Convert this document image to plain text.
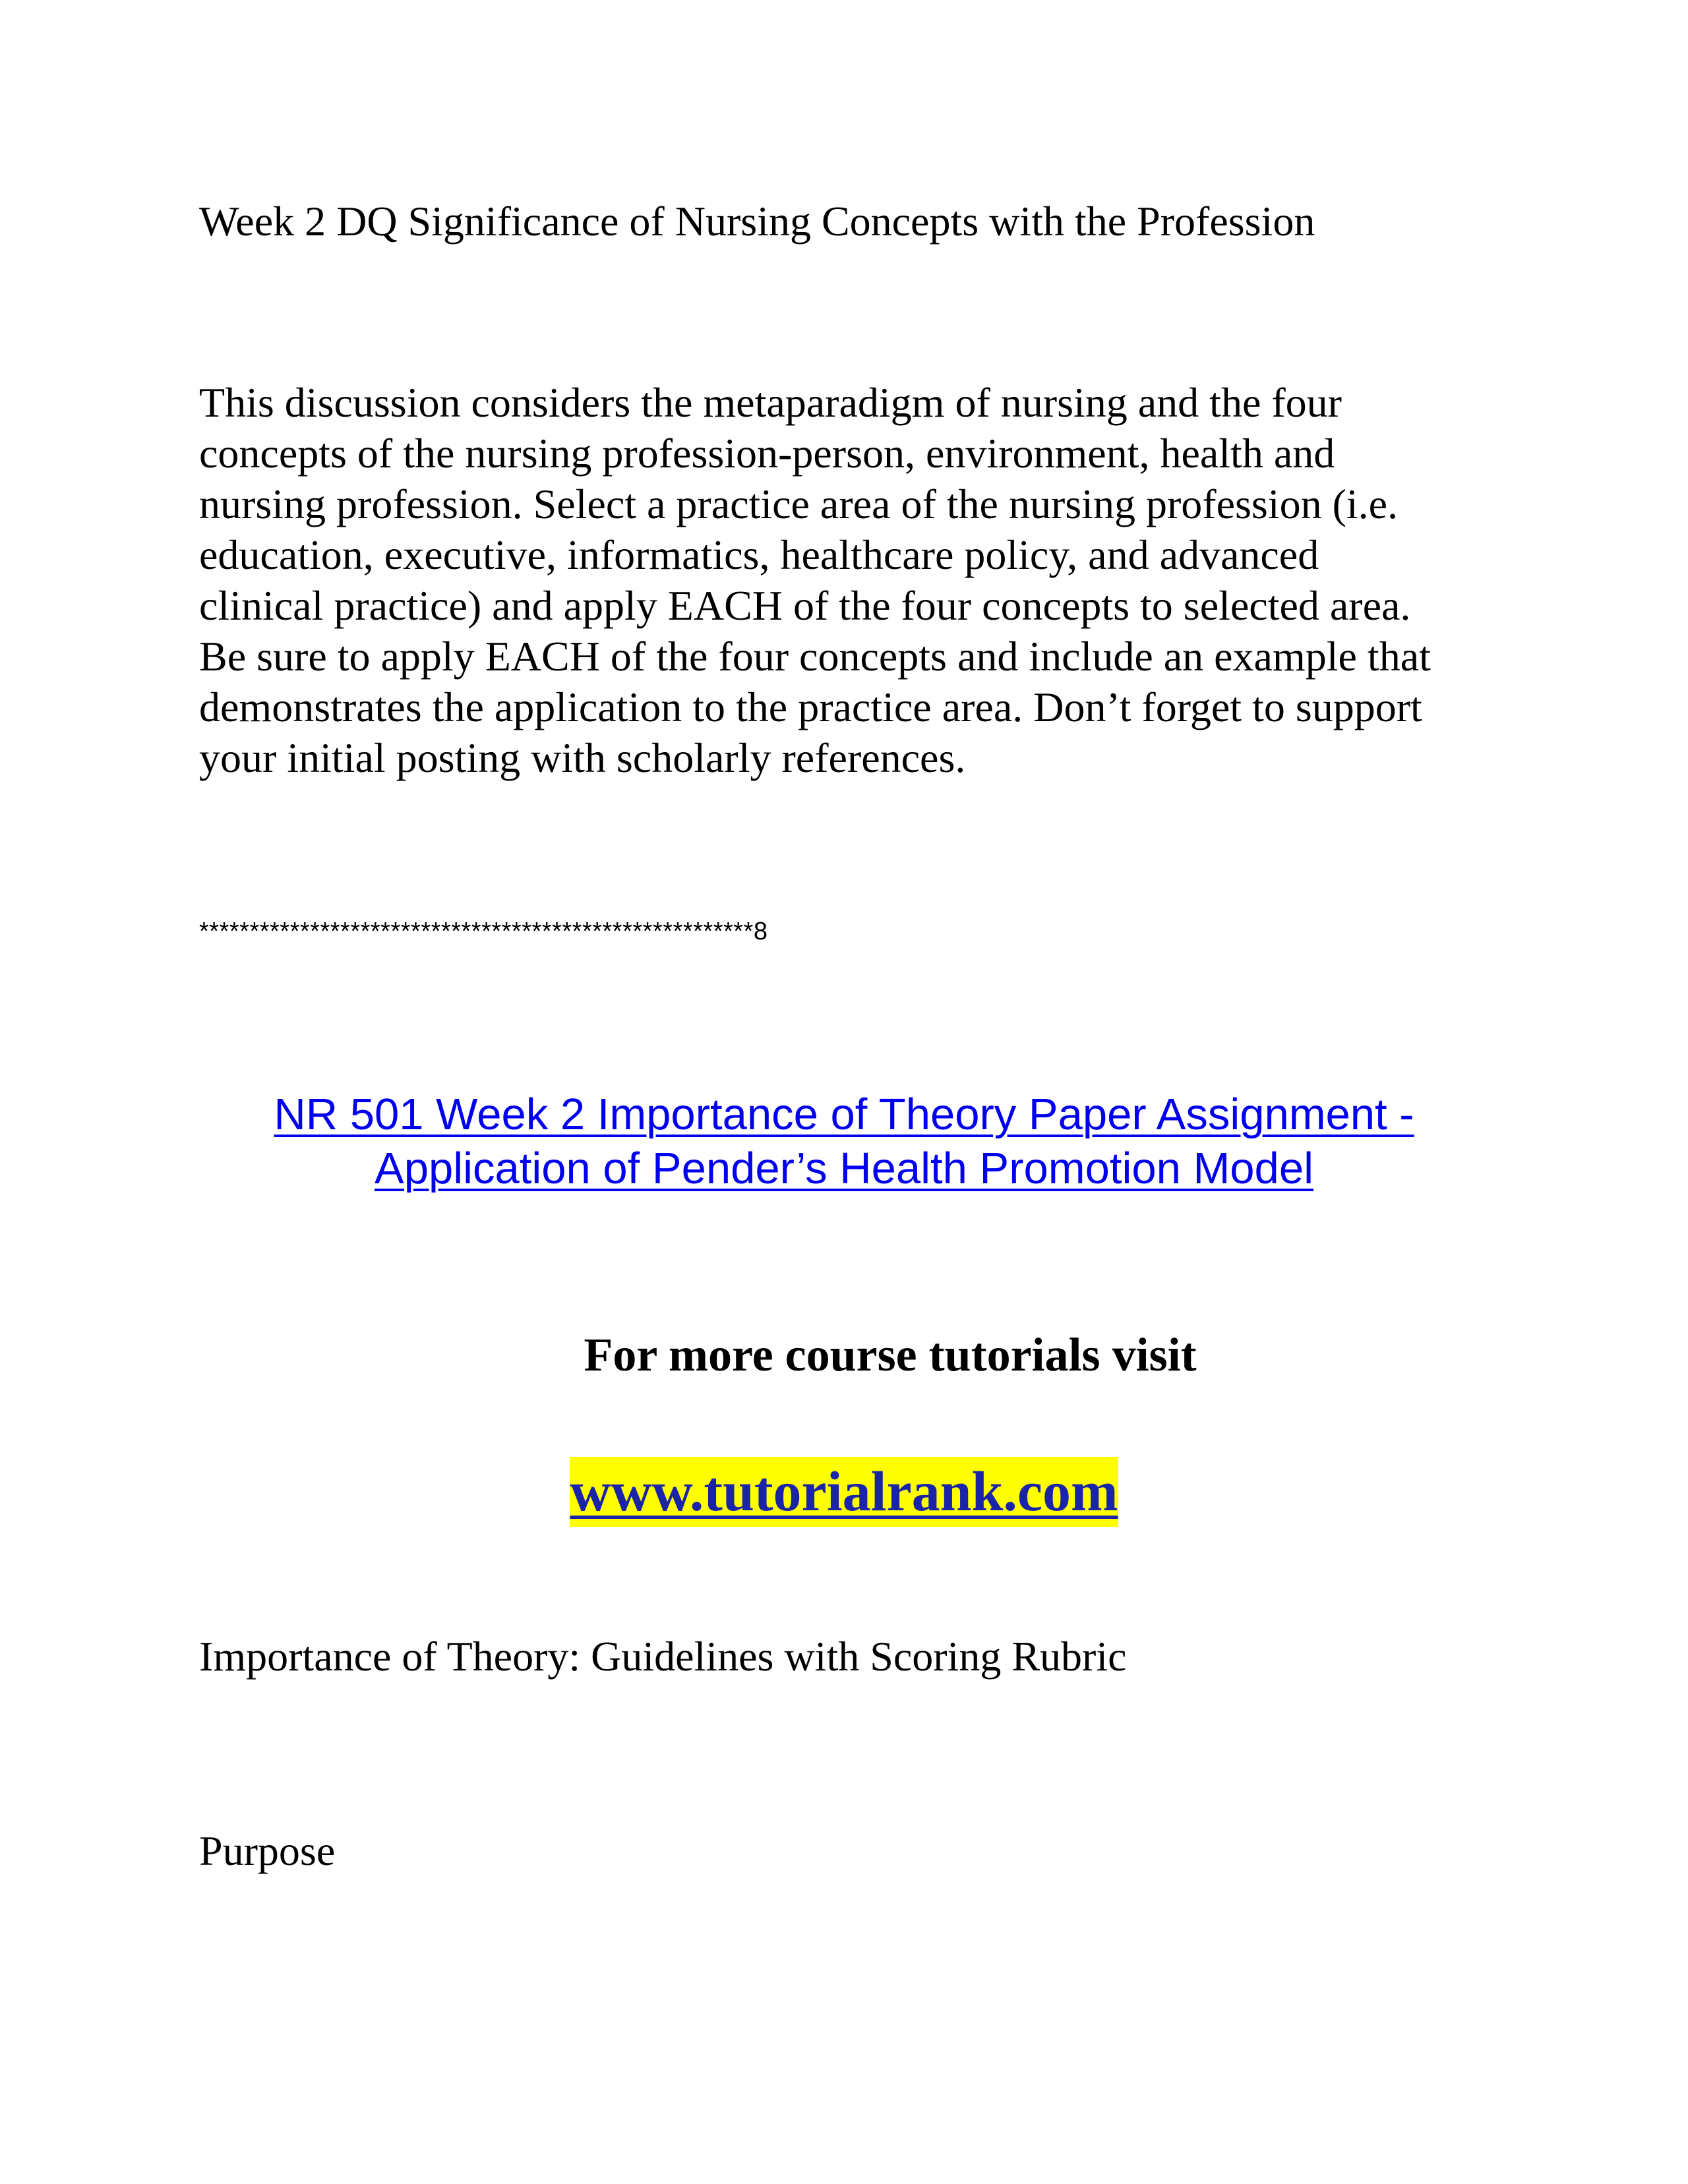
Week 2 DQ Significance of Nursing Concepts with the Profession
This discussion considers the metaparadigm of nursing and the four
concepts of the nursing profession-person, environment, health and
nursing profession. Select a practice area of the nursing profession (i.e.
education, executive, informatics, healthcare policy, and advanced
clinical practice) and apply EACH of the four concepts to selected area.
Be sure to apply EACH of the four concepts and include an example that
demonstrates the application to the practice area. Don’t forget to support
your initial posting with scholarly references.
*******************************************************8
NR 501 Week 2 Importance of Theory Paper Assignment -
Application of Pender’s Health Promotion Model
For more course tutorials visit
www.tutorialrank.com
Importance of Theory: Guidelines with Scoring Rubric
Purpose
